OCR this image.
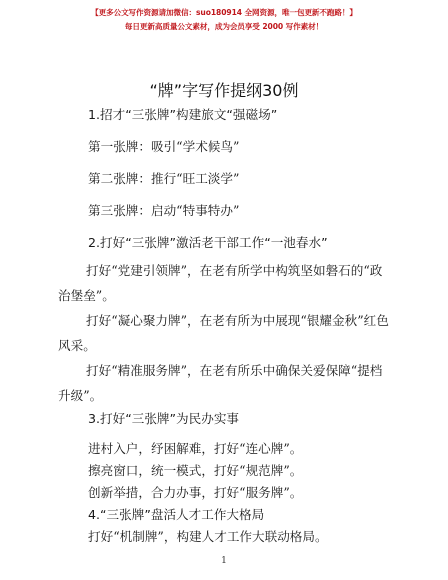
【更多公文写作资源请加微信：suo180914 全网资源，唯一包更新不跑路！】
每日更新高质量公文素材，成为会员享受 2000 写作素材！
“牌”字写作提纲30例
1.招才“三张牌”构建旅文“强磁场”
第一张牌：吸引“学术候鸟”
第二张牌：推行“旺工淡学”
第三张牌：启动“特事特办”
2.打好“三张牌”激活老干部工作“一池春水”

打好“党建引领牌”，在老有所学中构筑坚如磐石的“政治堡垒”。

打好“凝心聚力牌”，在老有所为中展现“银耀金秋”红色风采。

打好“精准服务牌”，在老有所乐中确保关爱保障“提档升级”。

3.打好“三张牌”为民办实事
进村入户，纾困解难，打好“连心牌”。
擦亮窗口，统一模式，打好“规范牌”。
创新举措，合力办事，打好“服务牌”。
4.“三张牌”盘活人才工作大格局
打好“机制牌”，构建人才工作大联动格局。
1
